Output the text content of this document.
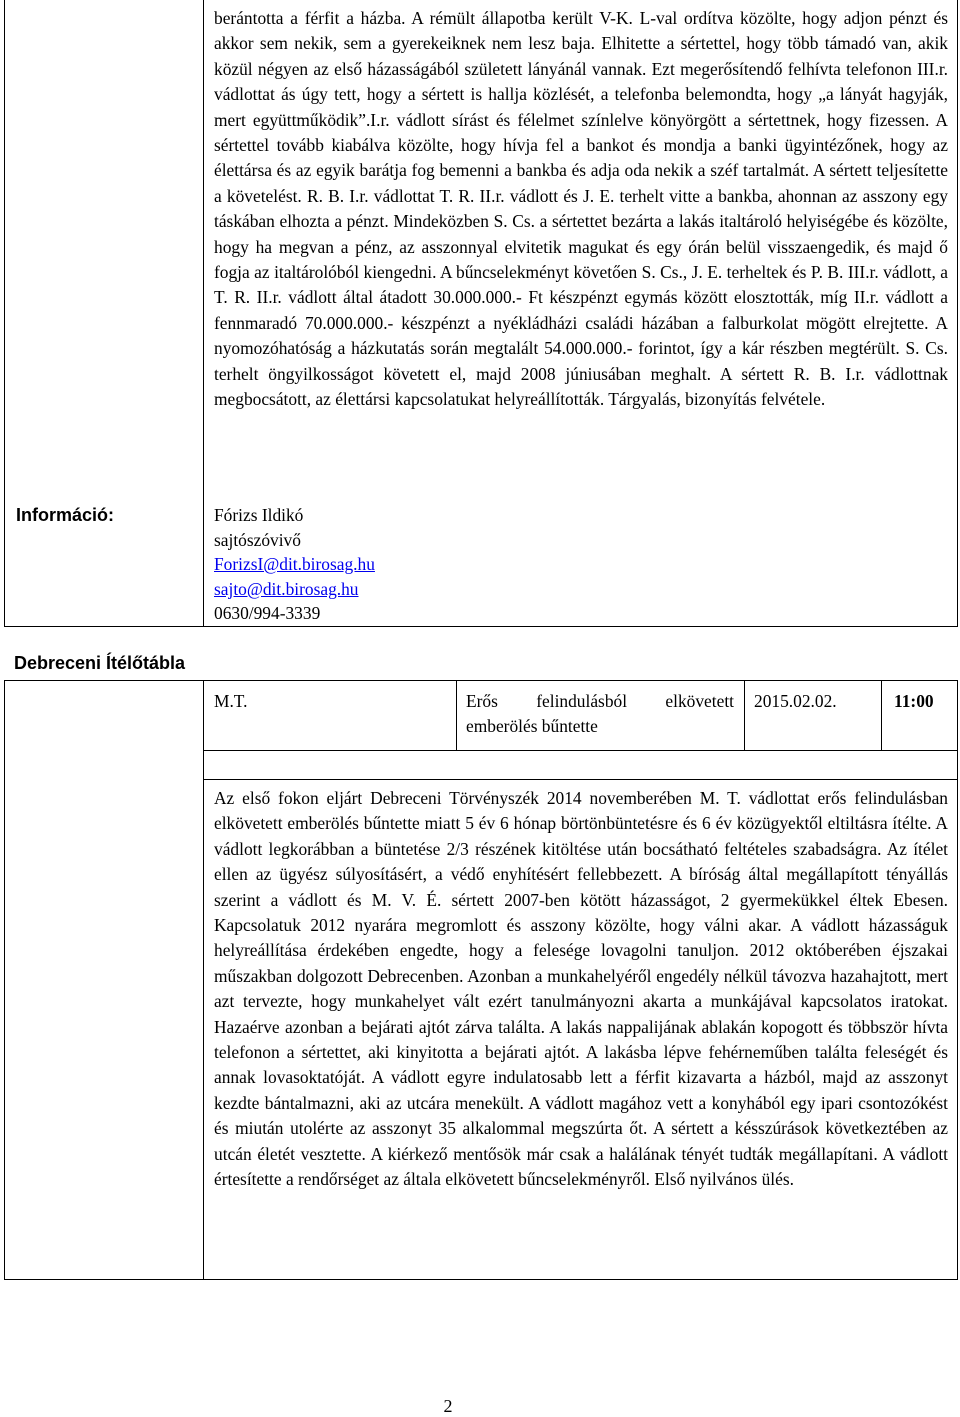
Információ:

berántotta a férfit a házba. A rémült állapotba került V-K. L-val ordítva közölte, hogy adjon pénzt és akkor sem nekik, sem a gyerekeiknek nem lesz baja. Elhitette a sértettel, hogy több támadó van, akik közül négyen az első házasságából született lányánál vannak. Ezt megerősítendő felhívta telefonon III.r. vádlottat ás úgy tett, hogy a sértett is hallja közlését, a telefonba belemondta, hogy „a lányát hagyják, mert együttműködik”.I.r. vádlott sírást és félelmet színlelve könyörgött a sértettnek, hogy fizessen. A sértettel tovább kiabálva közölte, hogy hívja fel a bankot és mondja a banki ügyintézőnek, hogy az élettársa és az egyik barátja fog bemenni a bankba és adja oda nekik a széf tartalmát. A sértett teljesítette a követelést. R. B. I.r. vádlottat T. R. II.r. vádlott és J. E. terhelt vitte a bankba, ahonnan az asszony egy táskában elhozta a pénzt. Mindeközben S. Cs. a sértettet bezárta a lakás italtároló helyiségébe és közölte, hogy ha megvan a pénz, az asszonnyal elvitetik magukat és egy órán belül visszaengedik, és majd ő fogja az italtárolóból kiengedni. A bűncselekményt követően S. Cs., J. E. terheltek és P. B. III.r. vádlott, a T. R. II.r. vádlott által átadott 30.000.000.- Ft készpénzt egymás között elosztották, míg II.r. vádlott a fennmaradó 70.000.000.- készpénzt a nyékládházi családi házában a falburkolat mögött elrejtette. A nyomozóhatóság a házkutatás során megtalált 54.000.000.- forintot, így a kár részben megtérült. S. Cs. terhelt öngyilkosságot követett el, majd 2008 júniusában meghalt. A sértett R. B. I.r. vádlottnak megbocsátott, az élettársi kapcsolatukat helyreállították. Tárgyalás, bizonyítás felvétele.

Fórizs Ildikó
sajtószóvivő
ForizsI@dit.birosag.hu
sajto@dit.birosag.hu
0630/994-3339
Debreceni Ítélőtábla
M.T.	Erős felindulásból elkövetett emberölés bűntette
2015.02.02.	11:00

Az első fokon eljárt Debreceni Törvényszék 2014 novemberében M. T. vádlottat erős felindulásban elkövetett emberölés bűntette miatt 5 év 6 hónap börtönbüntetésre és 6 év közügyektől eltiltásra ítélte. A vádlott legkorábban a büntetése 2/3 részének kitöltése után bocsátható feltételes szabadságra. Az ítélet ellen az ügyész súlyosításért, a védő enyhítésért fellebbezett. A bíróság által megállapított tényállás szerint a vádlott és M. V. É. sértett 2007-ben kötött házasságot, 2 gyermekükkel éltek Ebesen. Kapcsolatuk 2012 nyarára megromlott és asszony közölte, hogy válni akar. A vádlott házasságuk helyreállítása érdekében engedte, hogy a felesége lovagolni tanuljon. 2012 októberében éjszakai műszakban dolgozott Debrecenben. Azonban a munkahelyéről engedély nélkül távozva hazahajtott, mert azt tervezte, hogy munkahelyet vált ezért tanulmányozni akarta a munkájával kapcsolatos iratokat. Hazaérve azonban a bejárati ajtót zárva találta. A lakás nappalijának ablakán kopogott és többször hívta telefonon a sértettet, aki kinyitotta a bejárati ajtót. A lakásba lépve fehérneműben találta feleségét és annak lovasoktatóját. A vádlott egyre indulatosabb lett a férfit kizavarta a házból, majd az asszonyt kezdte bántalmazni, aki az utcára menekült. A vádlott magához vett a konyhából egy ipari csontozókést és miután utolérte az asszonyt 35 alkalommal megszúrta őt. A sértett a késszúrások következtében az utcán életét vesztette. A kiérkező mentősök már csak a halálának tényét tudták megállapítani. A vádlott értesítette a rendőrséget az általa elkövetett bűncselekményről. Első nyilvános ülés.

2
